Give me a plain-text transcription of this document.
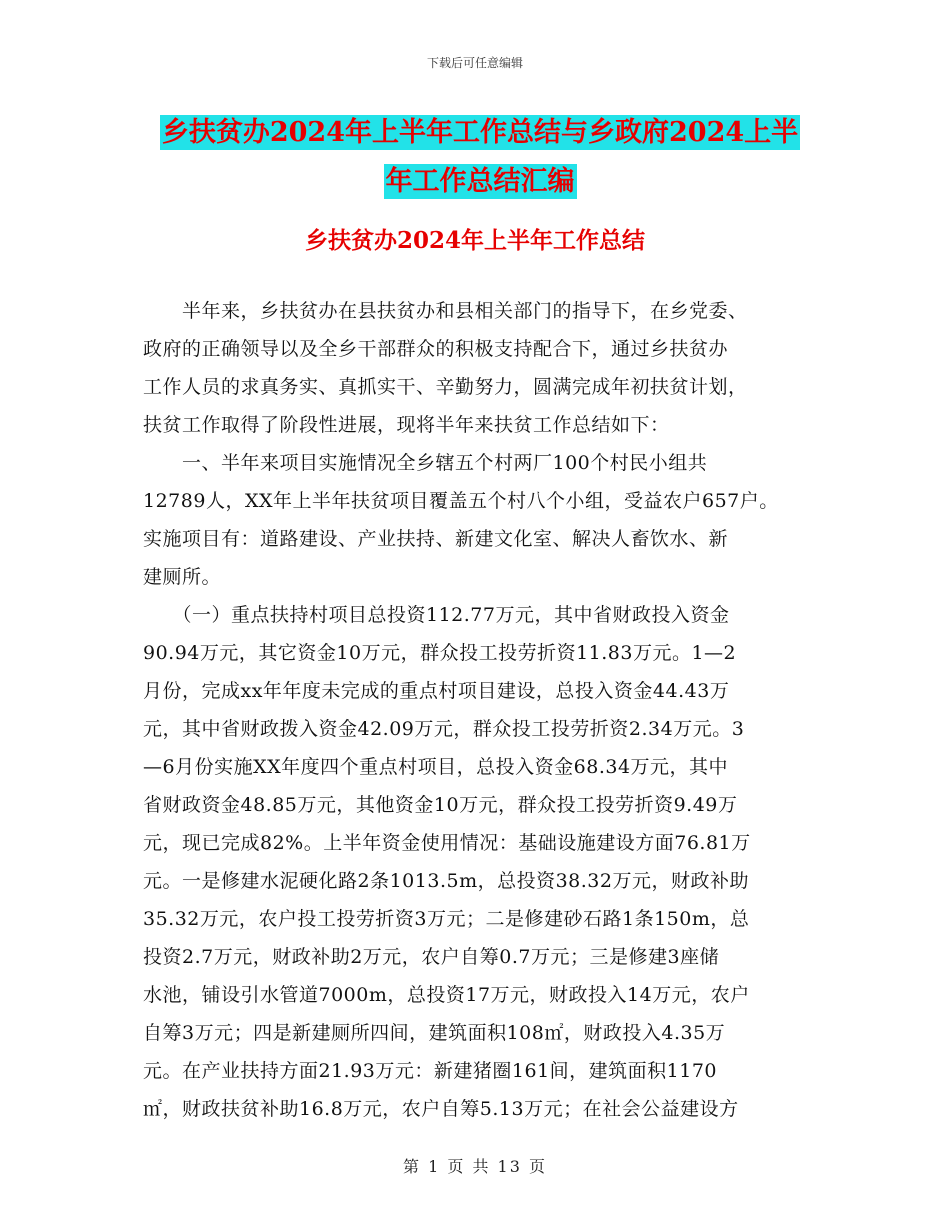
下载后可任意编辑
乡扶贫办2024年上半年工作总结与乡政府2024上半
年工作总结汇编
乡扶贫办2024年上半年工作总结
　　半年来，乡扶贫办在县扶贫办和县相关部门的指导下，在乡党委、
政府的正确领导以及全乡干部群众的积极支持配合下，通过乡扶贫办
工作人员的求真务实、真抓实干、辛勤努力，圆满完成年初扶贫计划，
扶贫工作取得了阶段性进展，现将半年来扶贫工作总结如下：
　　一、半年来项目实施情况全乡辖五个村两厂100个村民小组共
12789人，XX年上半年扶贫项目覆盖五个村八个小组，受益农户657户。
实施项目有：道路建设、产业扶持、新建文化室、解决人畜饮水、新
建厕所。
　　（一）重点扶持村项目总投资112.77万元，其中省财政投入资金
90.94万元，其它资金10万元，群众投工投劳折资11.83万元。1—2
月份，完成xx年年度未完成的重点村项目建设，总投入资金44.43万
元，其中省财政拨入资金42.09万元，群众投工投劳折资2.34万元。3
—6月份实施XX年度四个重点村项目，总投入资金68.34万元，其中
省财政资金48.85万元，其他资金10万元，群众投工投劳折资9.49万
元，现已完成82%。上半年资金使用情况：基础设施建设方面76.81万
元。一是修建水泥硬化路2条1013.5m，总投资38.32万元，财政补助
35.32万元，农户投工投劳折资3万元；二是修建砂石路1条150m，总
投资2.7万元，财政补助2万元，农户自筹0.7万元；三是修建3座储
水池，铺设引水管道7000m，总投资17万元，财政投入14万元，农户
自筹3万元；四是新建厕所四间，建筑面积108㎡，财政投入4.35万
元。在产业扶持方面21.93万元：新建猪圈161间，建筑面积1170
㎡，财政扶贫补助16.8万元，农户自筹5.13万元；在社会公益建设方
第 1 页 共 13 页
